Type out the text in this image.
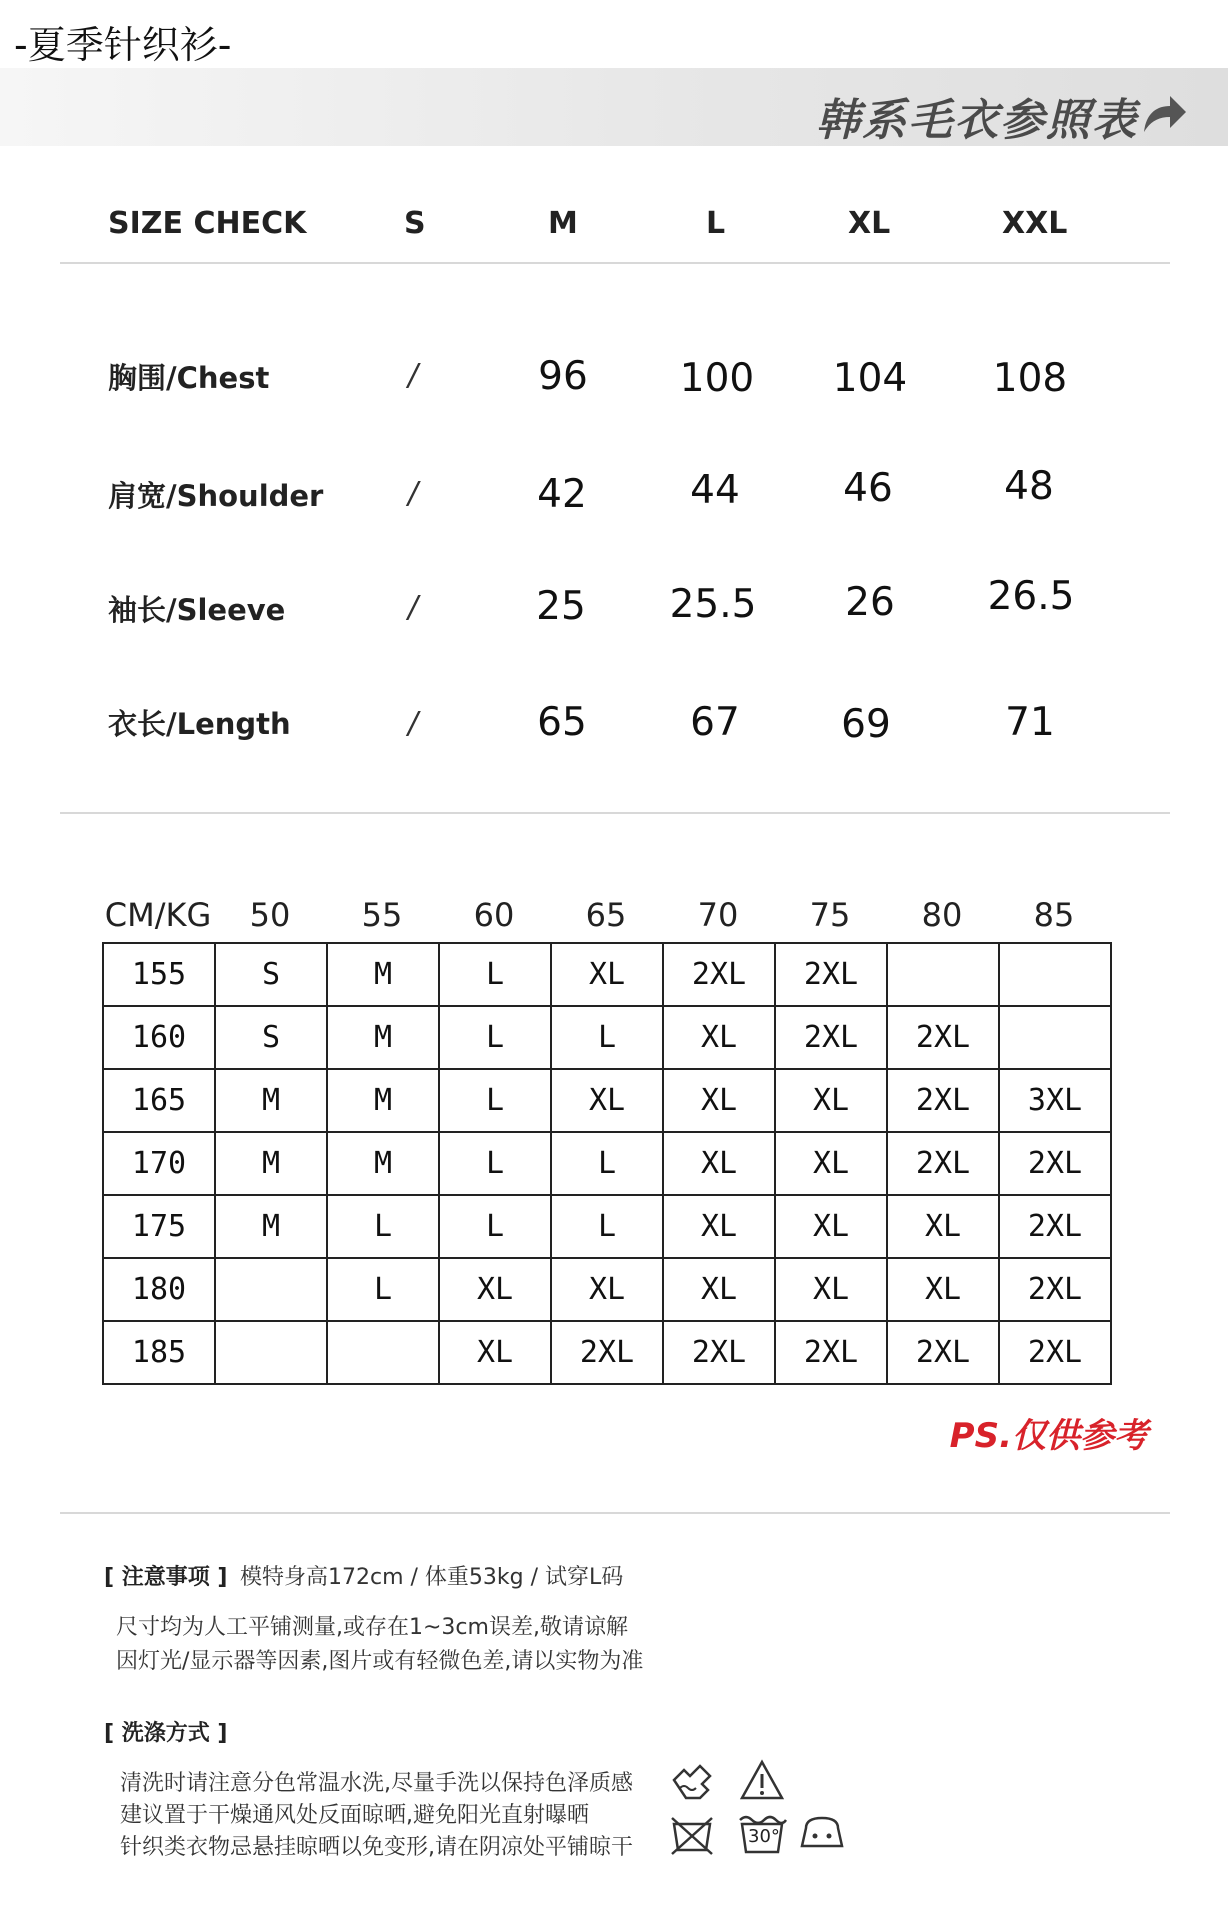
-夏季针织衫-
韩系毛衣参照表
SIZE CHECK	S	M	L	XL	XXL
胸围/Chest	/	96	100	104	108
肩宽/Shoulder	/	42	44	46	48
袖长/Sleeve	/	25	25.5	26	26.5
衣长/Length	/	65	67	69	71
CM/KG	50	55	60	65	70	75	80	85
155	S	M	L	XL	2XL	2XL		
160	S	M	L	L	XL	2XL	2XL	
165	M	M	L	XL	XL	XL	2XL	3XL
170	M	M	L	L	XL	XL	2XL	2XL
175	M	L	L	L	XL	XL	XL	2XL
180		L	XL	XL	XL	XL	XL	2XL
185			XL	2XL	2XL	2XL	2XL	2XL
PS.仅供参考
[ 注意事项 ] 模特身高172cm / 体重53kg / 试穿L码
尺寸均为人工平铺测量,或存在1~3cm误差,敬请谅解
因灯光/显示器等因素,图片或有轻微色差,请以实物为准
[ 洗涤方式 ]
清洗时请注意分色常温水洗,尽量手洗以保持色泽质感
建议置于干燥通风处反面晾晒,避免阳光直射曝晒
针织类衣物忌悬挂晾晒以免变形,请在阴凉处平铺晾干	30°
